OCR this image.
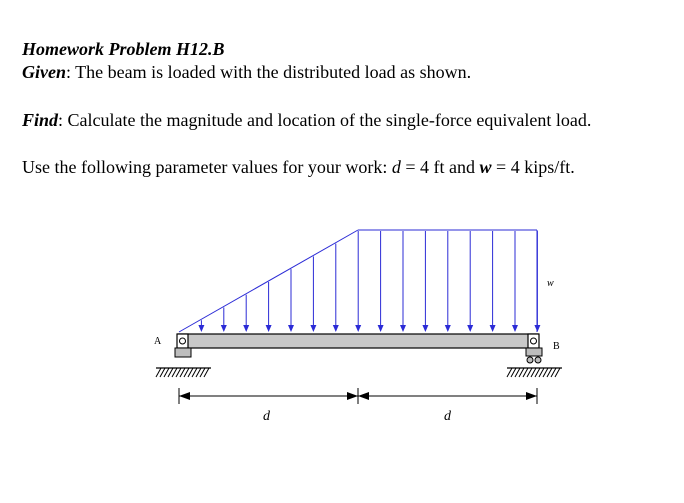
Homework Problem H12.B
Given: The beam is loaded with the distributed load as shown.
Find: Calculate the magnitude and location of the single-force equivalent load.
Use the following parameter values for your work: d = 4 ft and w = 4 kips/ft.
A	B
w
d	d
